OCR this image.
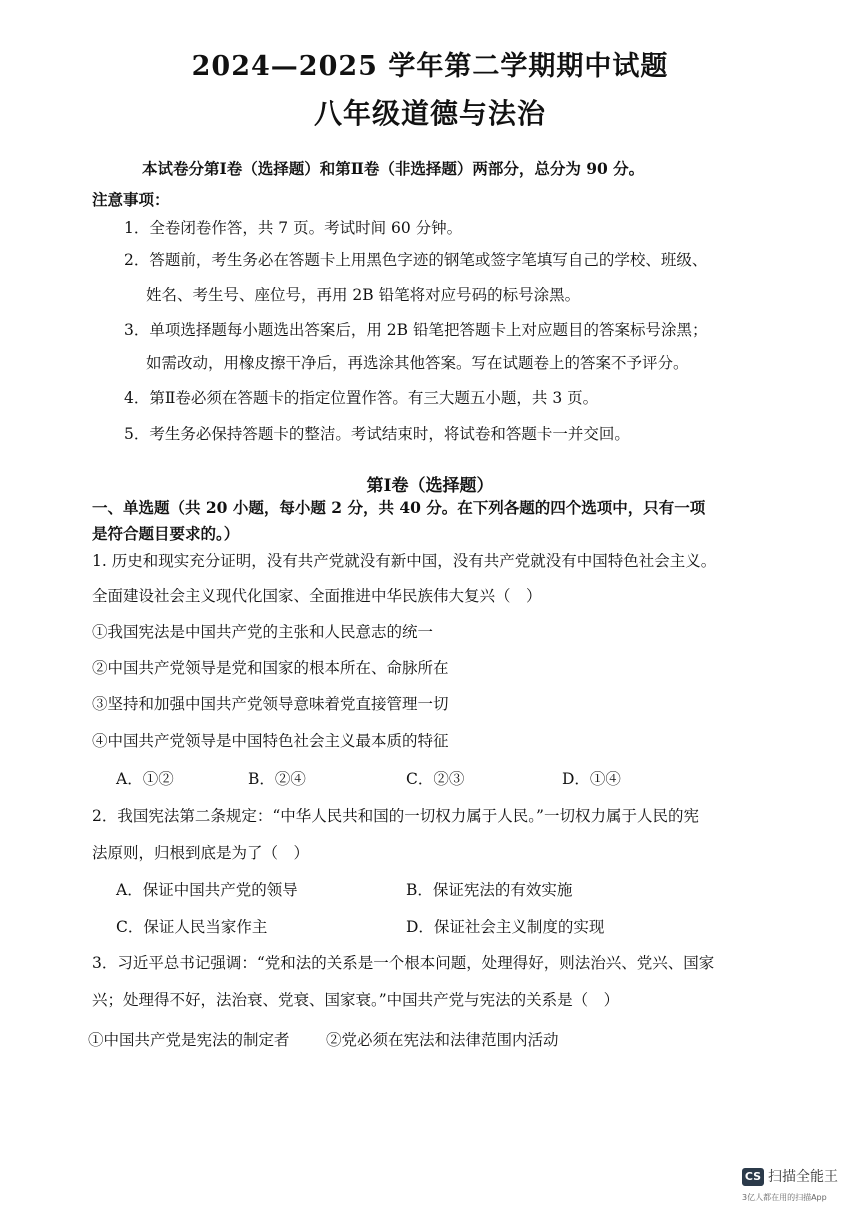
2024—2025 学年第二学期期中试题
八年级道德与法治
本试卷分第Ⅰ卷（选择题）和第Ⅱ卷（非选择题）两部分，总分为 90 分。
注意事项：
1．全卷闭卷作答，共 7 页。考试时间 60 分钟。
2．答题前，考生务必在答题卡上用黑色字迹的钢笔或签字笔填写自己的学校、班级、
姓名、考生号、座位号，再用 2B 铅笔将对应号码的标号涂黑。
3．单项选择题每小题选出答案后，用 2B 铅笔把答题卡上对应题目的答案标号涂黑；
如需改动，用橡皮擦干净后，再选涂其他答案。写在试题卷上的答案不予评分。
4．第Ⅱ卷必须在答题卡的指定位置作答。有三大题五小题，共 3 页。
5．考生务必保持答题卡的整洁。考试结束时，将试卷和答题卡一并交回。
第Ⅰ卷（选择题）
一、单选题（共 20 小题，每小题 2 分，共 40 分。在下列各题的四个选项中，只有一项
是符合题目要求的。）
1. 历史和现实充分证明，没有共产党就没有新中国，没有共产党就没有中国特色社会主义。
全面建设社会主义现代化国家、全面推进中华民族伟大复兴（　）
①我国宪法是中国共产党的主张和人民意志的统一
②中国共产党领导是党和国家的根本所在、命脉所在
③坚持和加强中国共产党领导意味着党直接管理一切
④中国共产党领导是中国特色社会主义最本质的特征
A．①②	B．②④	C．②③	D．①④
2．我国宪法第二条规定：“中华人民共和国的一切权力属于人民。”一切权力属于人民的宪
法原则，归根到底是为了（　）
A．保证中国共产党的领导	B．保证宪法的有效实施
C．保证人民当家作主	D．保证社会主义制度的实现
3．习近平总书记强调：“党和法的关系是一个根本问题，处理得好，则法治兴、党兴、国家
兴；处理得不好，法治衰、党衰、国家衰。”中国共产党与宪法的关系是（　）
①中国共产党是宪法的制定者 ②党必须在宪法和法律范围内活动
CS 扫描全能王
3亿人都在用的扫描App
